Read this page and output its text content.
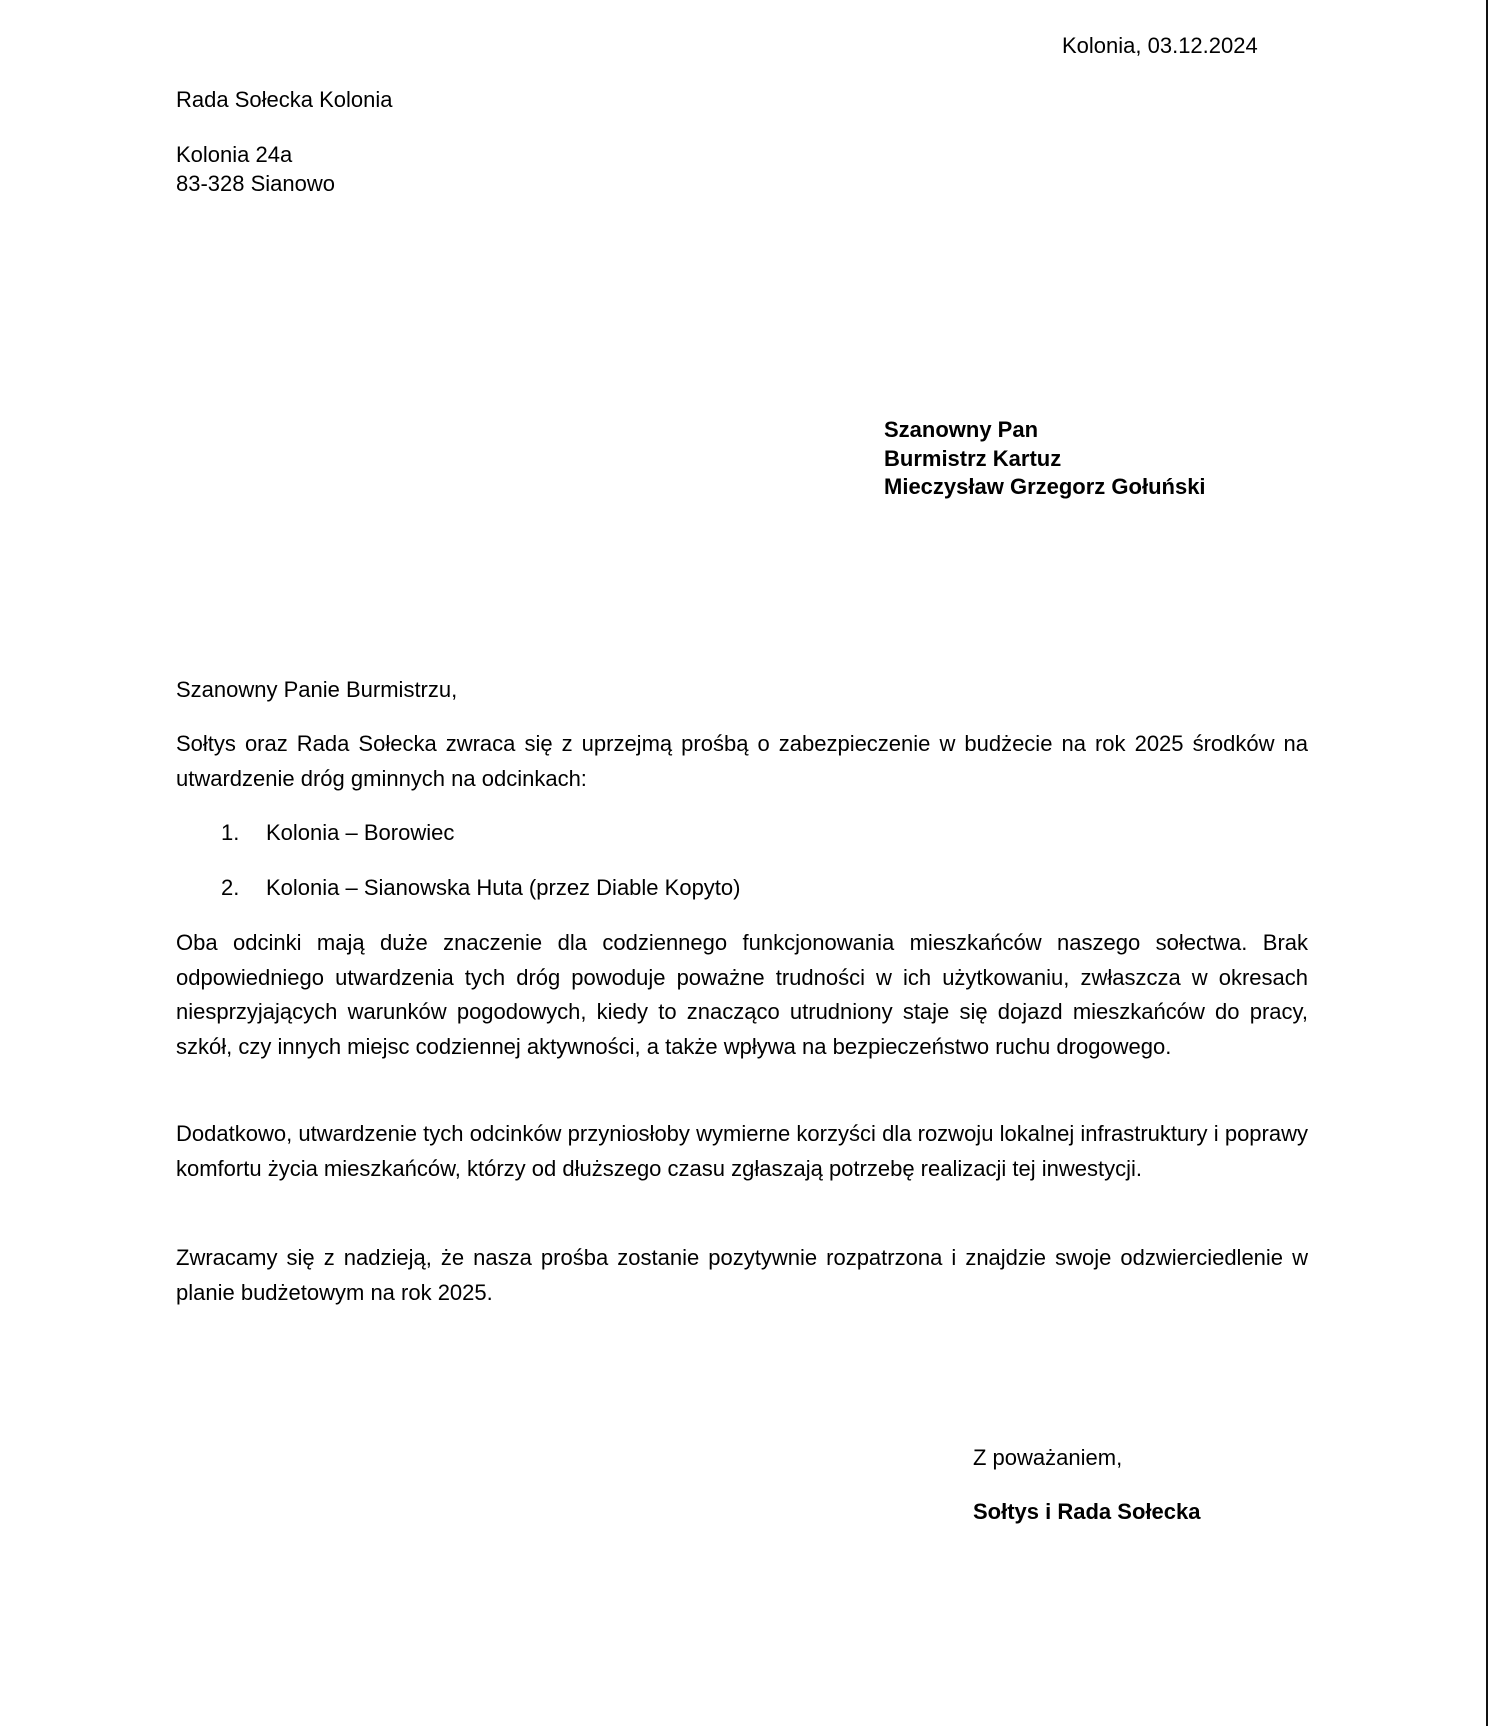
Kolonia, 03.12.2024
Rada Sołecka Kolonia
Kolonia 24a
83-328 Sianowo
Szanowny Pan
Burmistrz Kartuz
Mieczysław Grzegorz Gołuński
Szanowny Panie Burmistrzu,
Sołtys oraz Rada Sołecka zwraca się z uprzejmą prośbą o zabezpieczenie w budżecie na rok 2025 środków na utwardzenie dróg gminnych na odcinkach:
1. Kolonia – Borowiec
2. Kolonia – Sianowska Huta (przez Diable Kopyto)
Oba odcinki mają duże znaczenie dla codziennego funkcjonowania mieszkańców naszego sołectwa. Brak odpowiedniego utwardzenia tych dróg powoduje poważne trudności w ich użytkowaniu, zwłaszcza w okresach niesprzyjających warunków pogodowych, kiedy to znacząco utrudniony staje się dojazd mieszkańców do pracy, szkół, czy innych miejsc codziennej aktywności, a także wpływa na bezpieczeństwo ruchu drogowego.
Dodatkowo, utwardzenie tych odcinków przyniosłoby wymierne korzyści dla rozwoju lokalnej infrastruktury i poprawy komfortu życia mieszkańców, którzy od dłuższego czasu zgłaszają potrzebę realizacji tej inwestycji.
Zwracamy się z nadzieją, że nasza prośba zostanie pozytywnie rozpatrzona i znajdzie swoje odzwierciedlenie w planie budżetowym na rok 2025.
Z poważaniem,
Sołtys i Rada Sołecka
